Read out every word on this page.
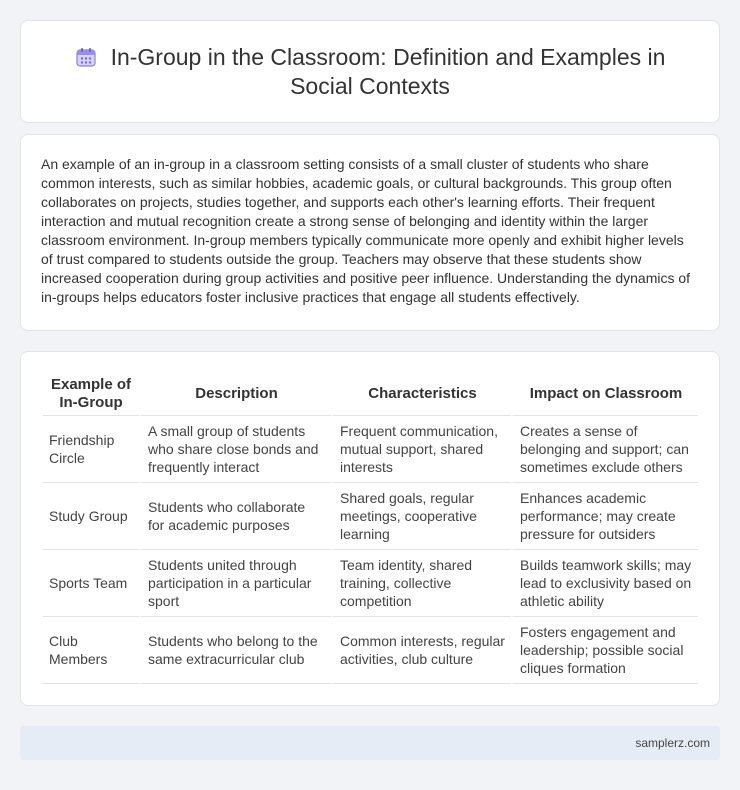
In-Group in the Classroom: Definition and Examples in Social Contexts

An example of an in-group in a classroom setting consists of a small cluster of students who share common interests, such as similar hobbies, academic goals, or cultural backgrounds. This group often collaborates on projects, studies together, and supports each other's learning efforts. Their frequent interaction and mutual recognition create a strong sense of belonging and identity within the larger classroom environment. In-group members typically communicate more openly and exhibit higher levels of trust compared to students outside the group. Teachers may observe that these students show increased cooperation during group activities and positive peer influence. Understanding the dynamics of in-groups helps educators foster inclusive practices that engage all students effectively.

Example of In-Group	Description	Characteristics	Impact on Classroom
Friendship Circle	A small group of students who share close bonds and frequently interact	Frequent communication, mutual support, shared interests	Creates a sense of belonging and support; can sometimes exclude others
Study Group	Students who collaborate for academic purposes	Shared goals, regular meetings, cooperative learning	Enhances academic performance; may create pressure for outsiders
Sports Team	Students united through participation in a particular sport	Team identity, shared training, collective competition	Builds teamwork skills; may lead to exclusivity based on athletic ability
Club Members	Students who belong to the same extracurricular club	Common interests, regular activities, club culture	Fosters engagement and leadership; possible social cliques formation
samplerz.com
